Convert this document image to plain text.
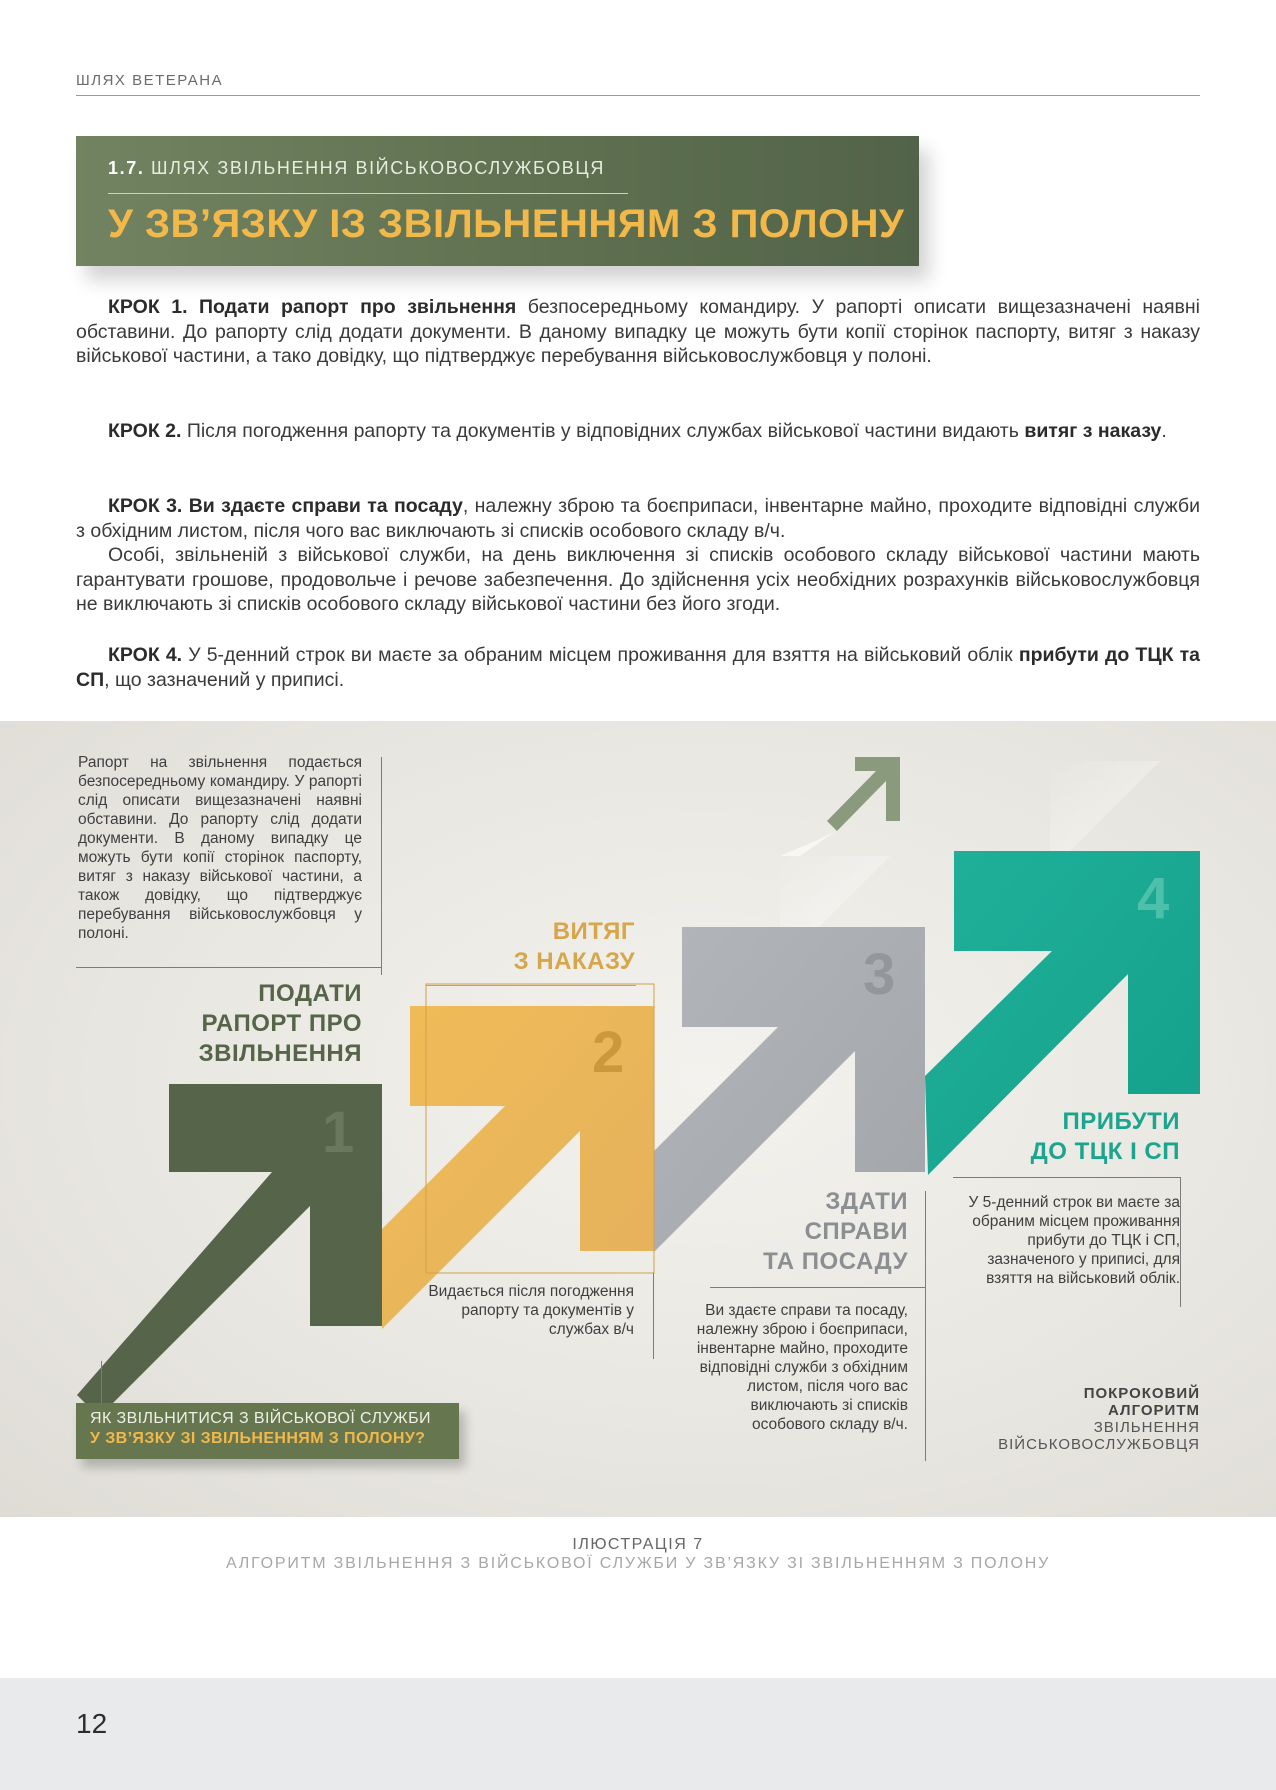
ШЛЯХ ВЕТЕРАНА
1.7. ШЛЯХ ЗВІЛЬНЕННЯ ВІЙСЬКОВОСЛУЖБОВЦЯ
У ЗВ’ЯЗКУ ІЗ ЗВІЛЬНЕННЯМ З ПОЛОНУ
КРОК 1. Подати рапорт про звільнення безпосередньому командиру. У рапорті описати вищезазначені наявні обставини. До рапорту слід додати документи. В даному випадку це можуть бути копії сторінок паспорту, витяг з наказу військової частини, а тако довідку, що підтверджує перебування військовослужбовця у полоні.
КРОК 2. Після погодження рапорту та документів у відповідних службах військової частини видають витяг з наказу.
КРОК 3. Ви здаєте справи та посаду, належну зброю та боєприпаси, інвентарне майно, проходите відповідні служби з обхідним листом, після чого вас виключають зі списків особового складу в/ч.
Особі, звільненій з військової служби, на день виключення зі списків особового складу військової частини мають гарантувати грошове, продовольче і речове забезпечення. До здійснення усіх необхідних розрахунків військовослужбовця не виключають зі списків особового складу військової частини без його згоди.
КРОК 4. У 5-денний строк ви маєте за обраним місцем проживання для взяття на військовий облік прибути до ТЦК та СП, що зазначений у приписі.
1
2
3
4
Рапорт на звільнення подається безпосередньому командиру. У рапорті слід описати вищезазначені наявні обставини. До рапорту слід додати документи. В даному випадку це можуть бути копії сторінок паспорту, витяг з наказу військової частини, а також довідку, що підтверджує перебування військовослужбовця у полоні.
ПОДАТИ
РАПОРТ ПРО
ЗВІЛЬНЕННЯ
ВИТЯГ
З НАКАЗУ
Видається після погодження рапорту та документів у службах в/ч
ЗДАТИ
СПРАВИ
ТА ПОСАДУ
Ви здаєте справи та посаду, належну зброю і боєприпаси, інвентарне майно, проходите відповідні служби з обхідним листом, після чого вас виключають зі списків особового складу в/ч.
ПРИБУТИ
ДО ТЦК І СП
У 5-денний строк ви маєте за обраним місцем проживання прибути до ТЦК і СП, зазначеного у приписі, для взяття на військовий облік.
ЯК ЗВІЛЬНИТИСЯ З ВІЙСЬКОВОЇ СЛУЖБИ
У ЗВ’ЯЗКУ ЗІ ЗВІЛЬНЕННЯМ З ПОЛОНУ?
ПОКРОКОВИЙ
АЛГОРИТМ
ЗВІЛЬНЕННЯ
ВІЙСЬКОВОСЛУЖБОВЦЯ
ІЛЮСТРАЦІЯ 7
АЛГОРИТМ ЗВІЛЬНЕННЯ З ВІЙСЬКОВОЇ СЛУЖБИ У ЗВ’ЯЗКУ ЗІ ЗВІЛЬНЕННЯМ З ПОЛОНУ
12
